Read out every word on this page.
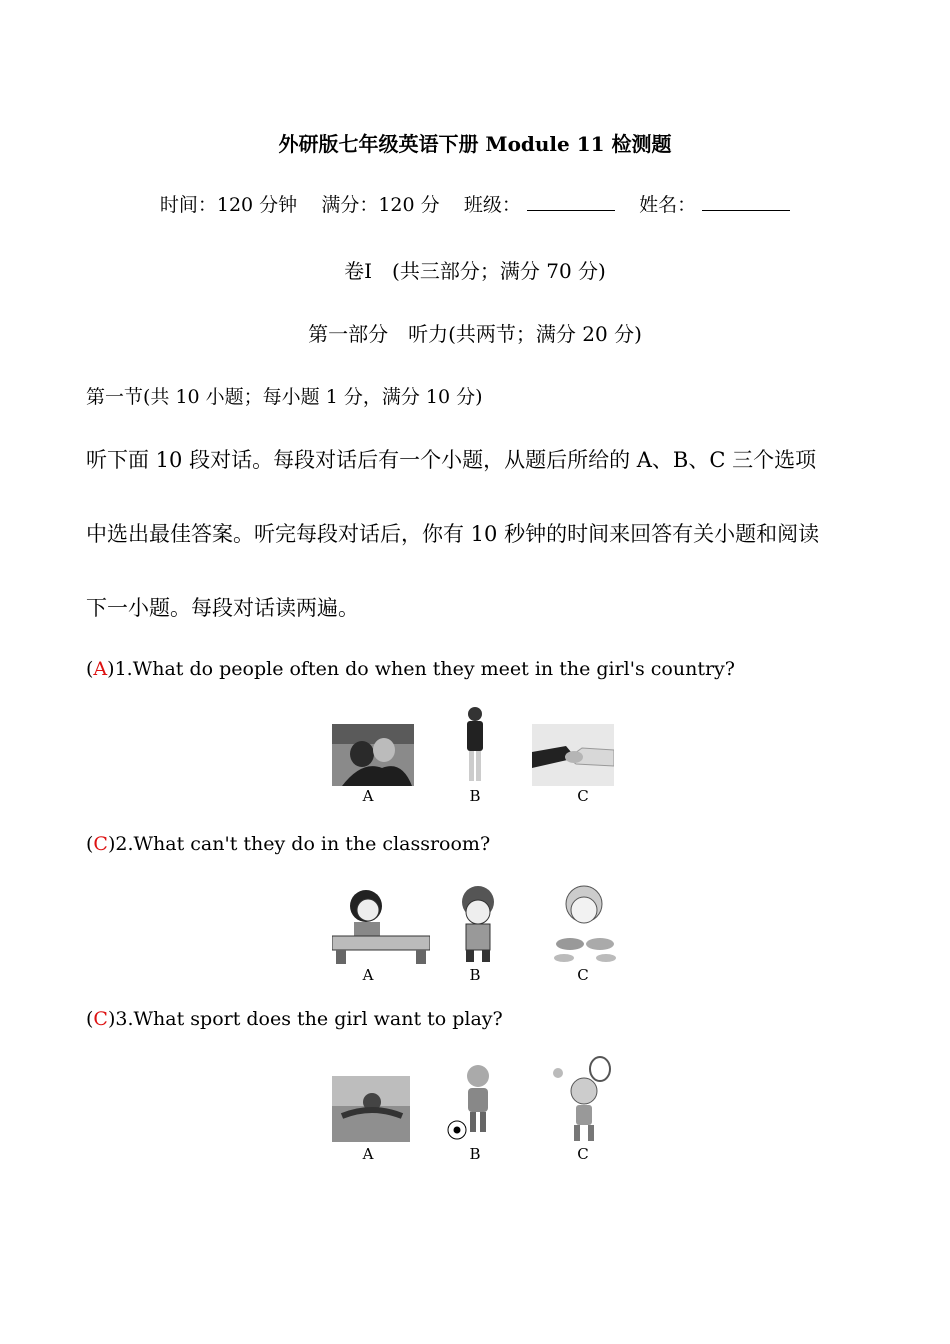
外研版七年级英语下册 Module 11 检测题
时间：120 分钟 满分：120 分 班级：	姓名：
卷Ⅰ　(共三部分；满分 70 分)
第一部分　听力(共两节；满分 20 分)
第一节(共 10 小题；每小题 1 分，满分 10 分)
听下面 10 段对话。每段对话后有一个小题，从题后所给的 A、B、C 三个选项
中选出最佳答案。听完每段对话后，你有 10 秒钟的时间来回答有关小题和阅读
下一小题。每段对话读两遍。
(A)1.What do people often do when they meet in the girl's country?
A	B	C
(C)2.What can't they do in the classroom?
A	B	C
(C)3.What sport does the girl want to play?
A	B	C
